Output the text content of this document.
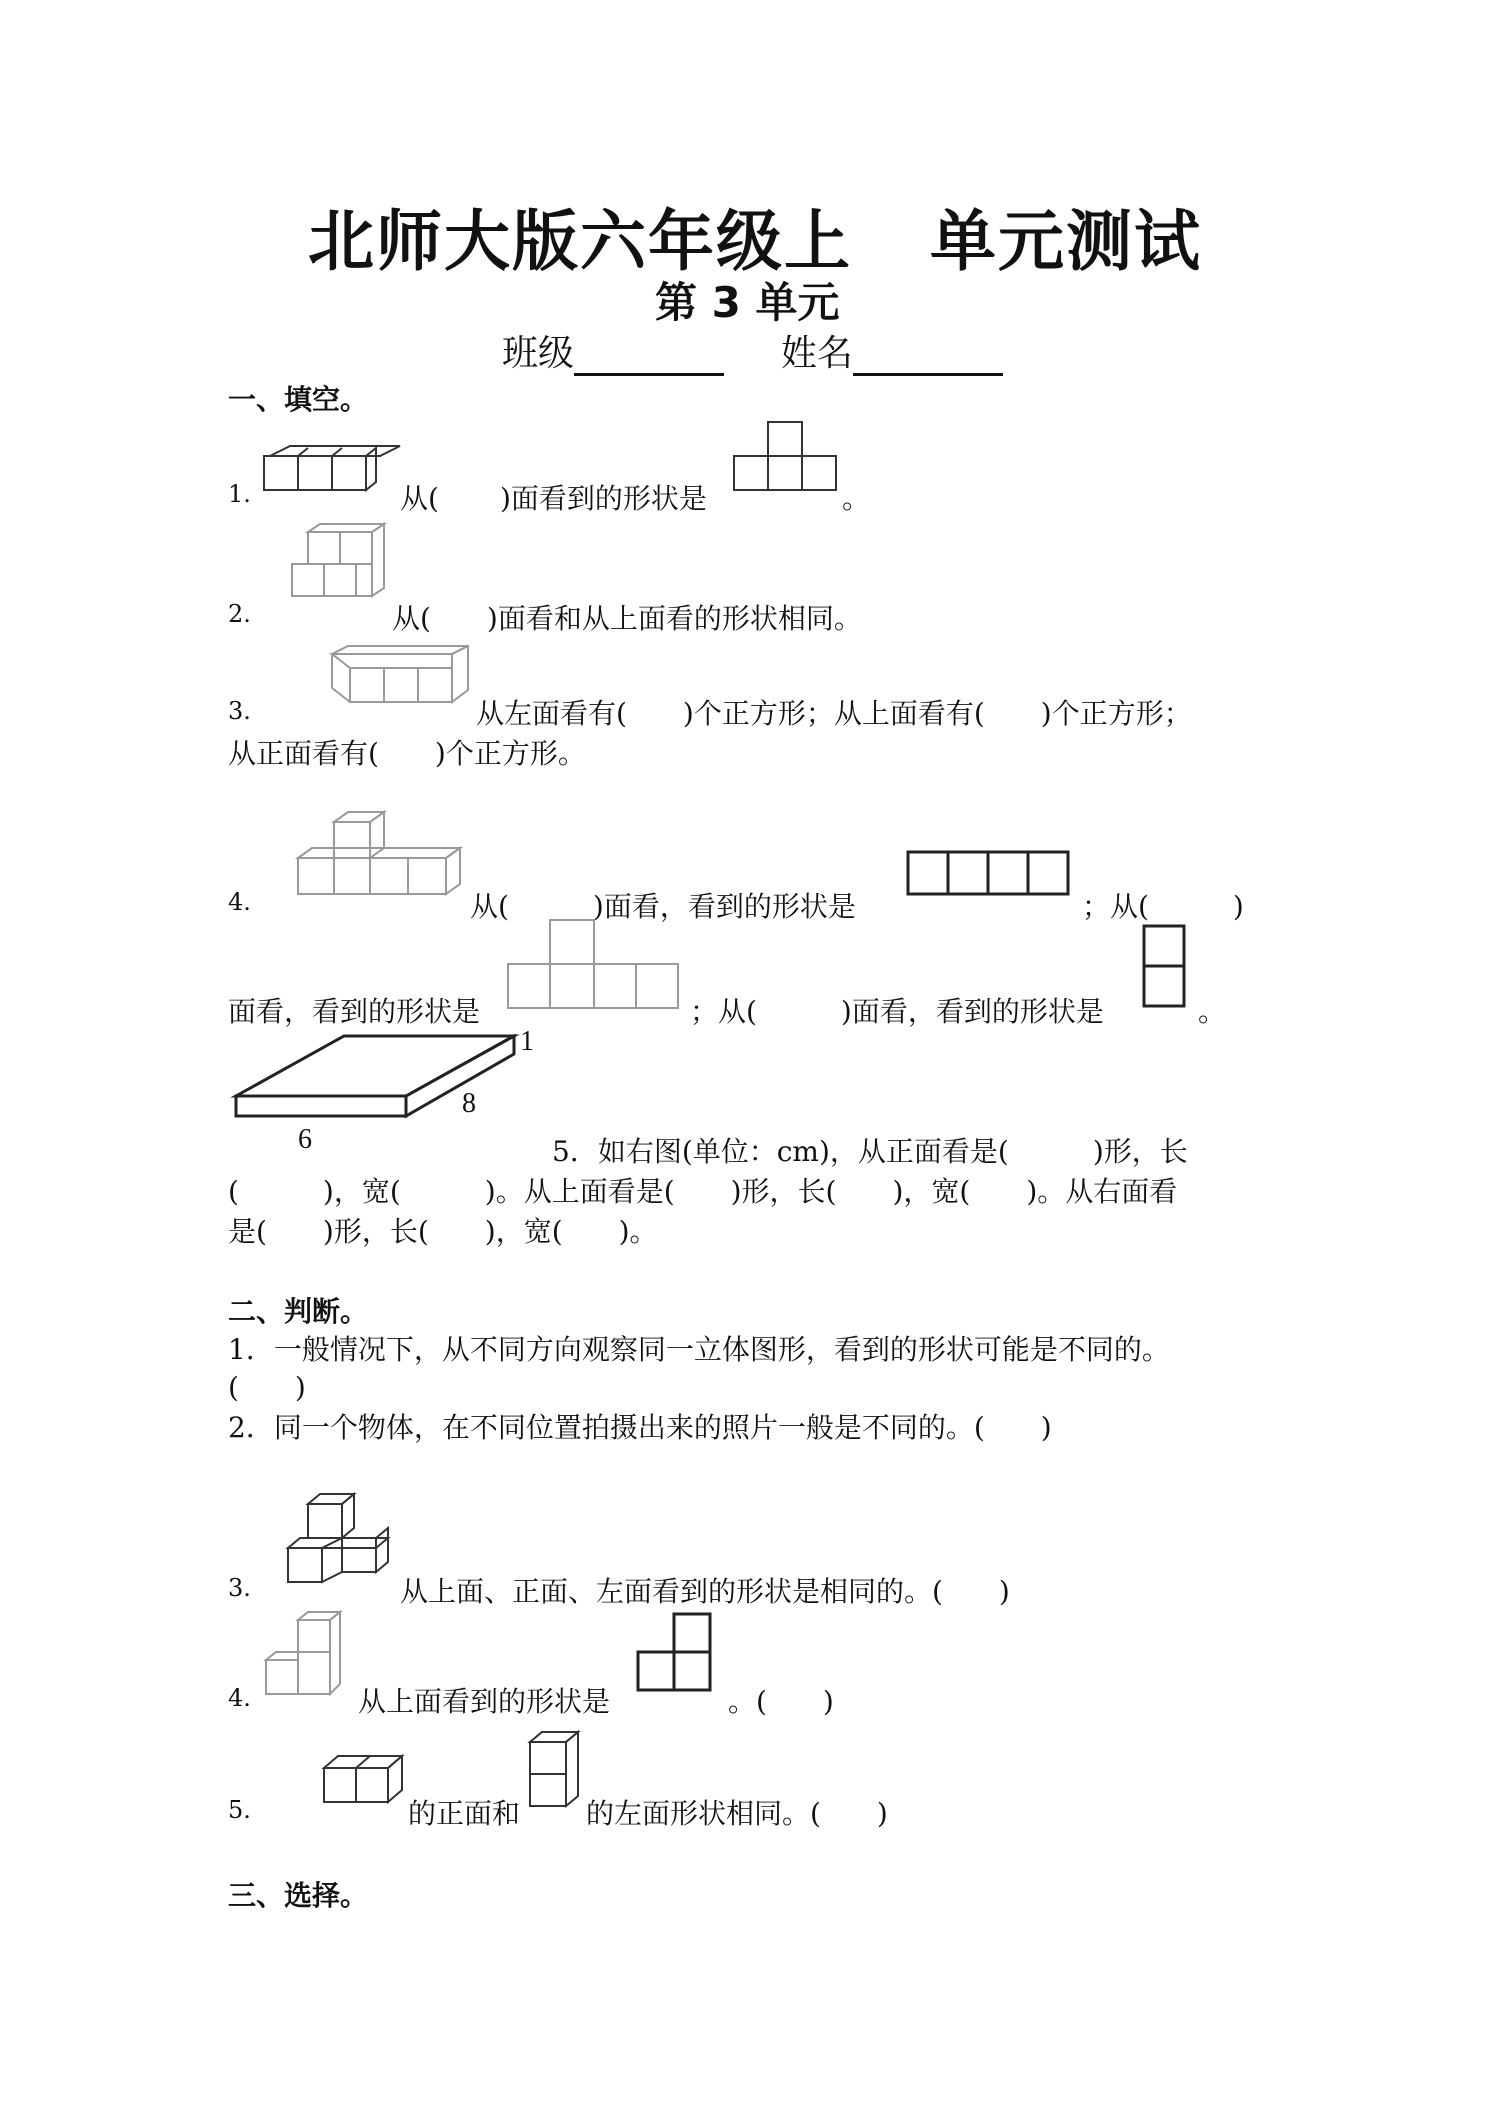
北师大版六年级上 单元测试
第 3 单元
班级	姓名
一、填空。
1.	从( )面看到的形状是	。
2.	从(　　)面看和从上面看的形状相同。
3.	从左面看有(　　)个正方形；从上面看有(　　)个正方形；
从正面看有(　　)个正方形。
4.	从(　　　)面看，看到的形状是	；从(　　　)
面看，看到的形状是	；从(　　　)面看，看到的形状是	。
1
8
6	5．如右图(单位：cm)，从正面看是(　　　)形，长
(　　　)，宽(　　　)。从上面看是(　　)形，长(　　)，宽(　　)。从右面看
是(　　)形，长(　　)，宽(　　)。
二、判断。
1．一般情况下，从不同方向观察同一立体图形，看到的形状可能是不同的。
(　　)
2．同一个物体，在不同位置拍摄出来的照片一般是不同的。(　　)
3.	从上面、正面、左面看到的形状是相同的。(　　)
4.	从上面看到的形状是	。(　　)
5.	的正面和 的左面形状相同。(　　)
三、选择。
